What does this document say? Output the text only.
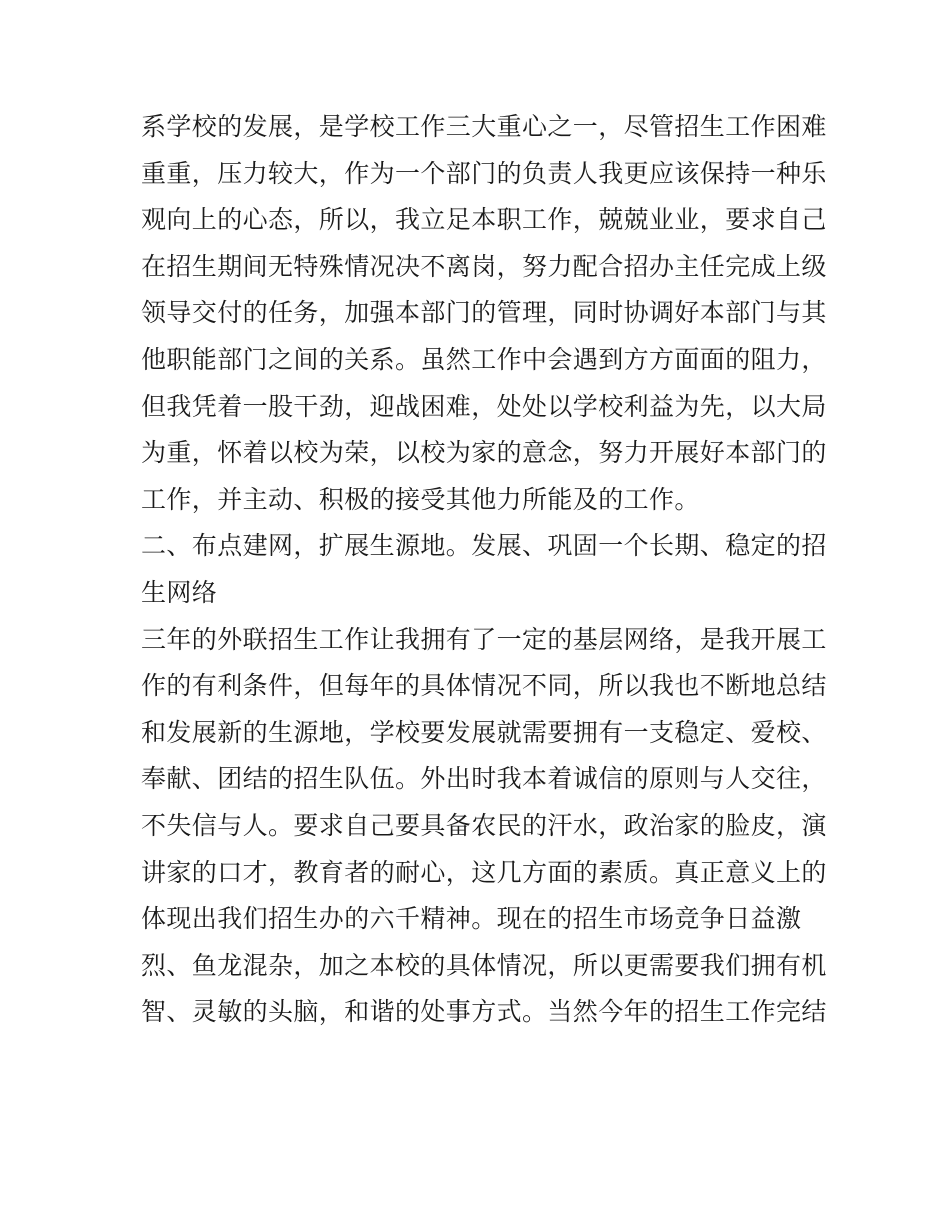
系学校的发展，是学校工作三大重心之一，尽管招生工作困难
重重，压力较大，作为一个部门的负责人我更应该保持一种乐
观向上的心态，所以，我立足本职工作，兢兢业业，要求自己
在招生期间无特殊情况决不离岗，努力配合招办主任完成上级
领导交付的任务，加强本部门的管理，同时协调好本部门与其
他职能部门之间的关系。虽然工作中会遇到方方面面的阻力，
但我凭着一股干劲，迎战困难，处处以学校利益为先，以大局
为重，怀着以校为荣，以校为家的意念，努力开展好本部门的
工作，并主动、积极的接受其他力所能及的工作。
二、布点建网，扩展生源地。发展、巩固一个长期、稳定的招
生网络
三年的外联招生工作让我拥有了一定的基层网络，是我开展工
作的有利条件，但每年的具体情况不同，所以我也不断地总结
和发展新的生源地，学校要发展就需要拥有一支稳定、爱校、
奉献、团结的招生队伍。外出时我本着诚信的原则与人交往，
不失信与人。要求自己要具备农民的汗水，政治家的脸皮，演
讲家的口才，教育者的耐心，这几方面的素质。真正意义上的
体现出我们招生办的六千精神。现在的招生市场竞争日益激
烈、鱼龙混杂，加之本校的具体情况，所以更需要我们拥有机
智、灵敏的头脑，和谐的处事方式。当然今年的招生工作完结
